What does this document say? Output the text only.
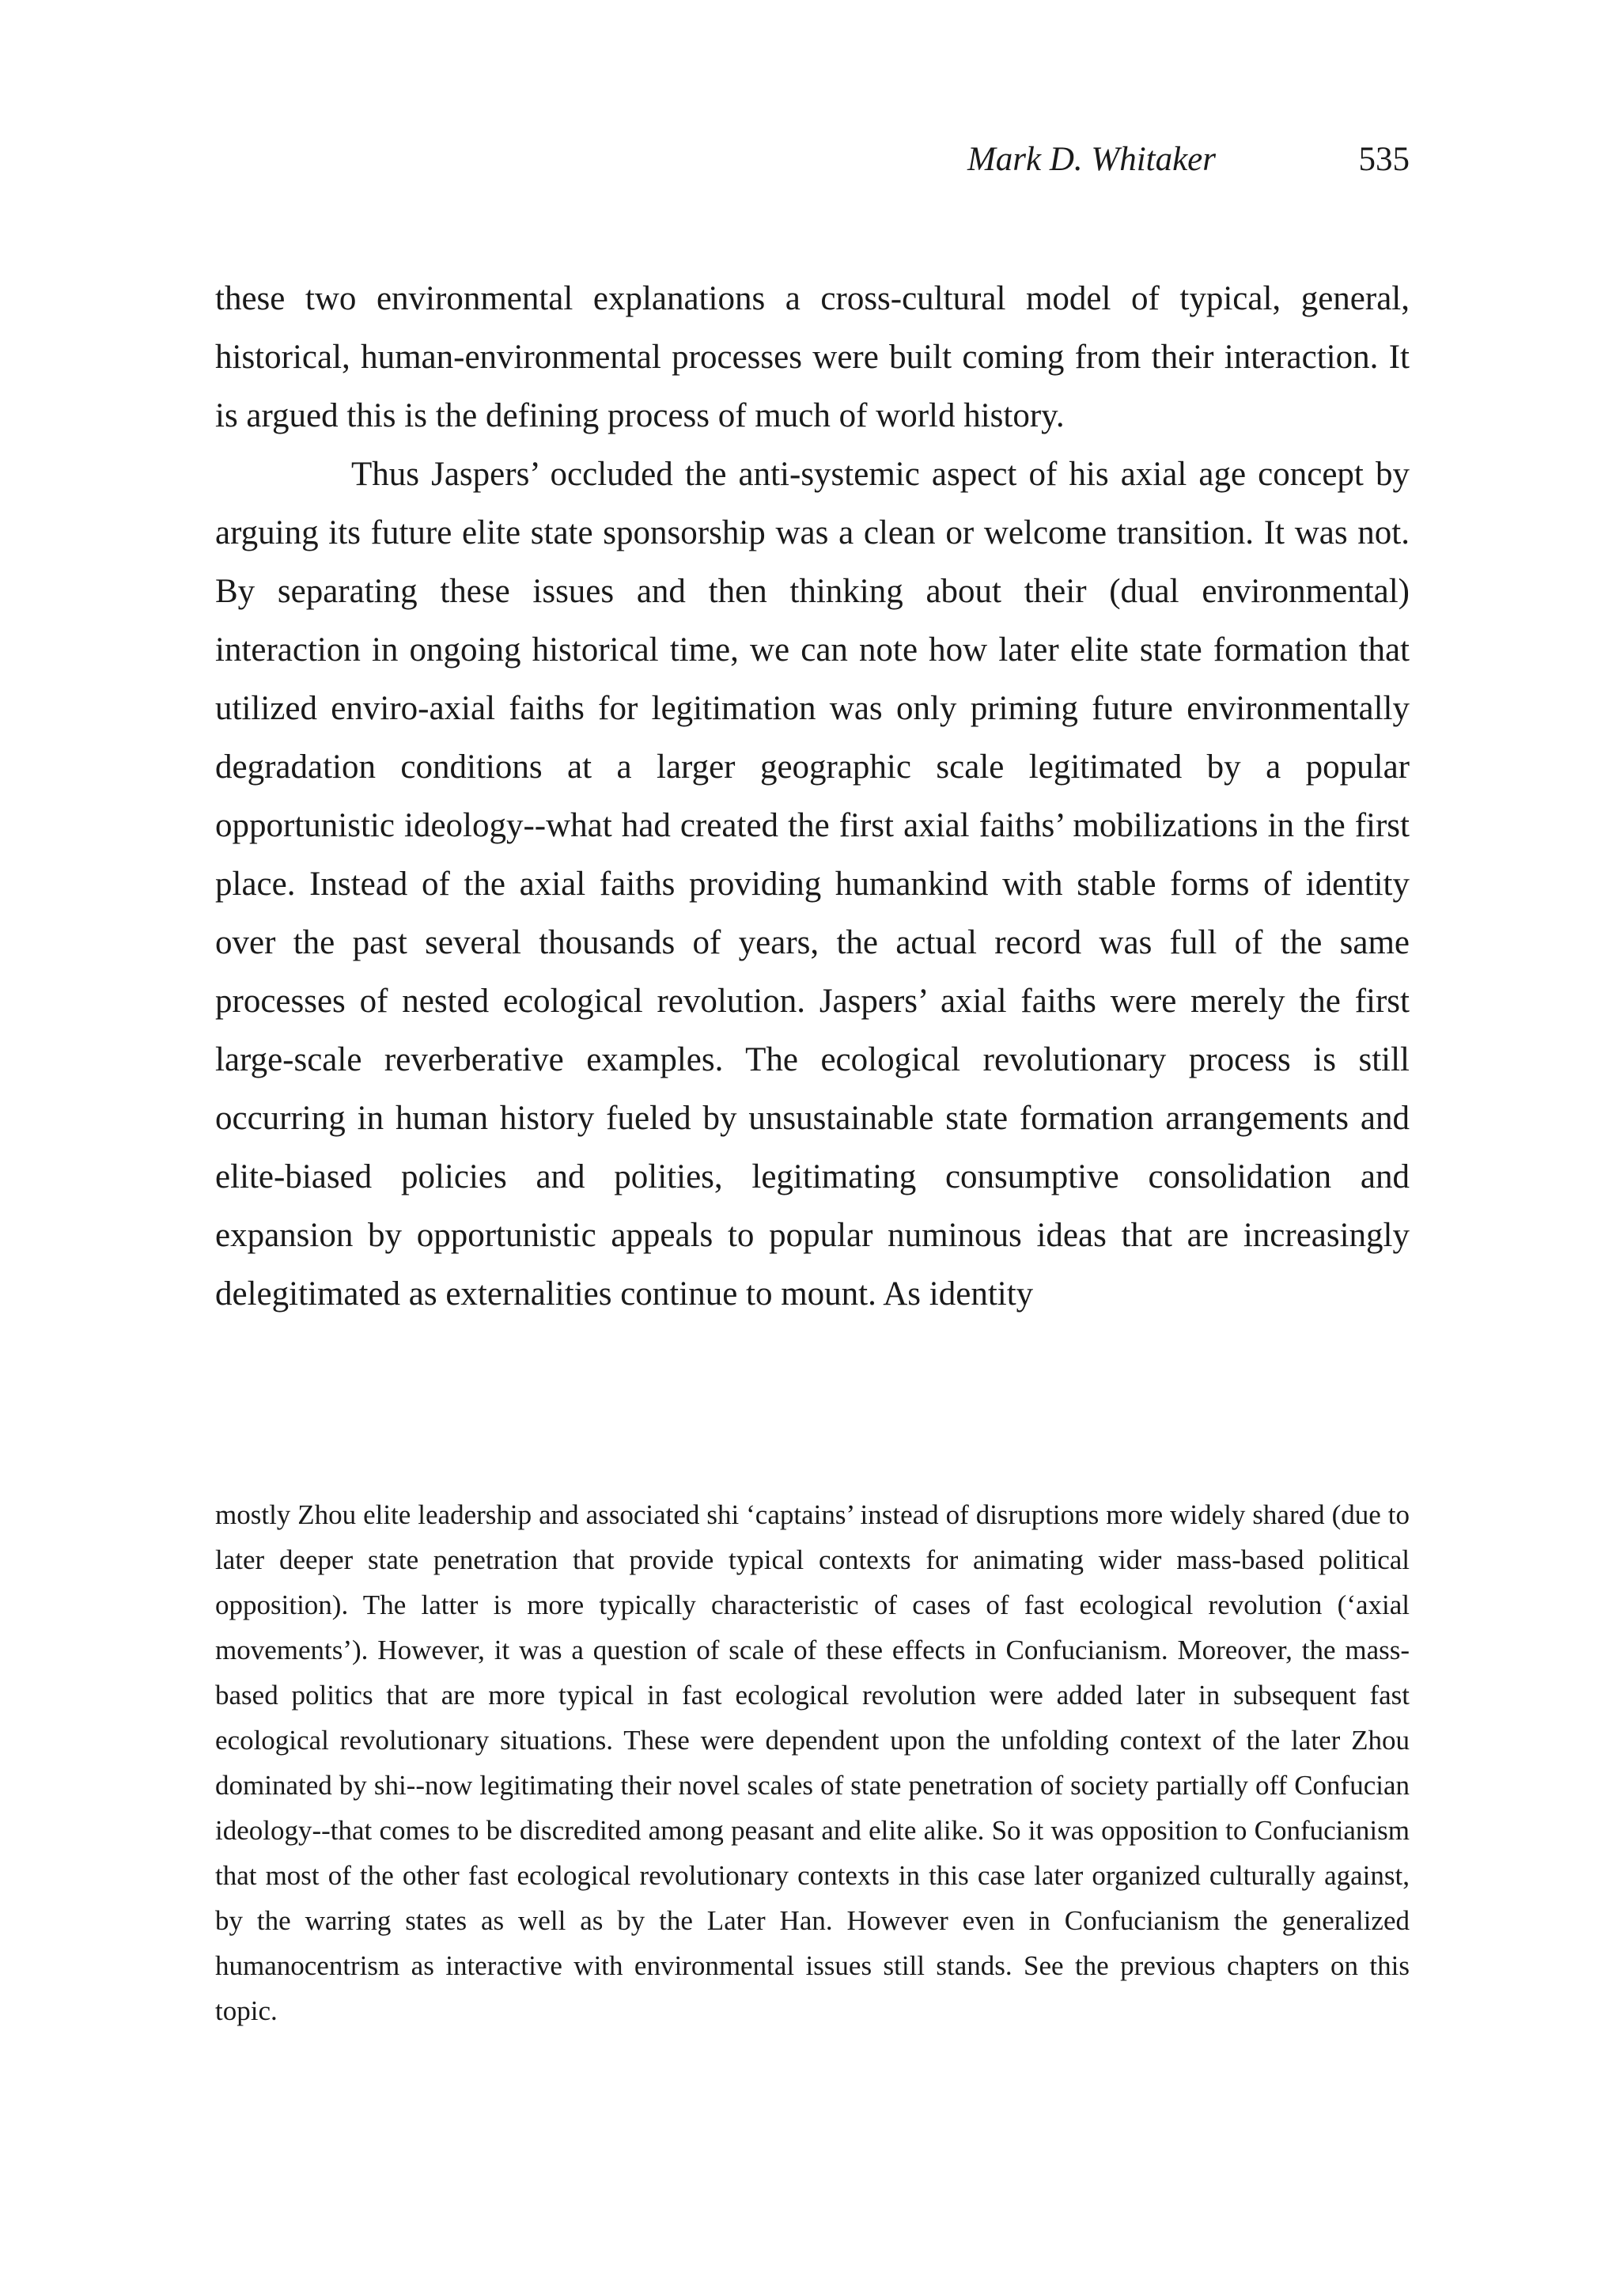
Mark D. Whitaker	535

these two environmental explanations a cross-cultural model of typical, general, historical, human-environmental processes were built coming from their interaction. It is argued this is the defining process of much of world history.

Thus Jaspers’ occluded the anti-systemic aspect of his axial age concept by arguing its future elite state sponsorship was a clean or welcome transition. It was not. By separating these issues and then thinking about their (dual environmental) interaction in ongoing historical time, we can note how later elite state formation that utilized enviro-axial faiths for legitimation was only priming future environmentally degradation conditions at a larger geographic scale legitimated by a popular opportunistic ideology--what had created the first axial faiths’ mobilizations in the first place. Instead of the axial faiths providing humankind with stable forms of identity over the past several thousands of years, the actual record was full of the same processes of nested ecological revolution. Jaspers’ axial faiths were merely the first large-scale reverberative examples. The ecological revolutionary process is still occurring in human history fueled by unsustainable state formation arrangements and elite-biased policies and polities, legitimating consumptive consolidation and expansion by opportunistic appeals to popular numinous ideas that are increasingly delegitimated as externalities continue to mount. As identity

mostly Zhou elite leadership and associated shi ‘captains’ instead of disruptions more widely shared (due to later deeper state penetration that provide typical contexts for animating wider mass-based political opposition). The latter is more typically characteristic of cases of fast ecological revolution (‘axial movements’). However, it was a question of scale of these effects in Confucianism. Moreover, the mass-based politics that are more typical in fast ecological revolution were added later in subsequent fast ecological revolutionary situations. These were dependent upon the unfolding context of the later Zhou dominated by shi--now legitimating their novel scales of state penetration of society partially off Confucian ideology--that comes to be discredited among peasant and elite alike. So it was opposition to Confucianism that most of the other fast ecological revolutionary contexts in this case later organized culturally against, by the warring states as well as by the Later Han. However even in Confucianism the generalized humanocentrism as interactive with environmental issues still stands. See the previous chapters on this topic.
